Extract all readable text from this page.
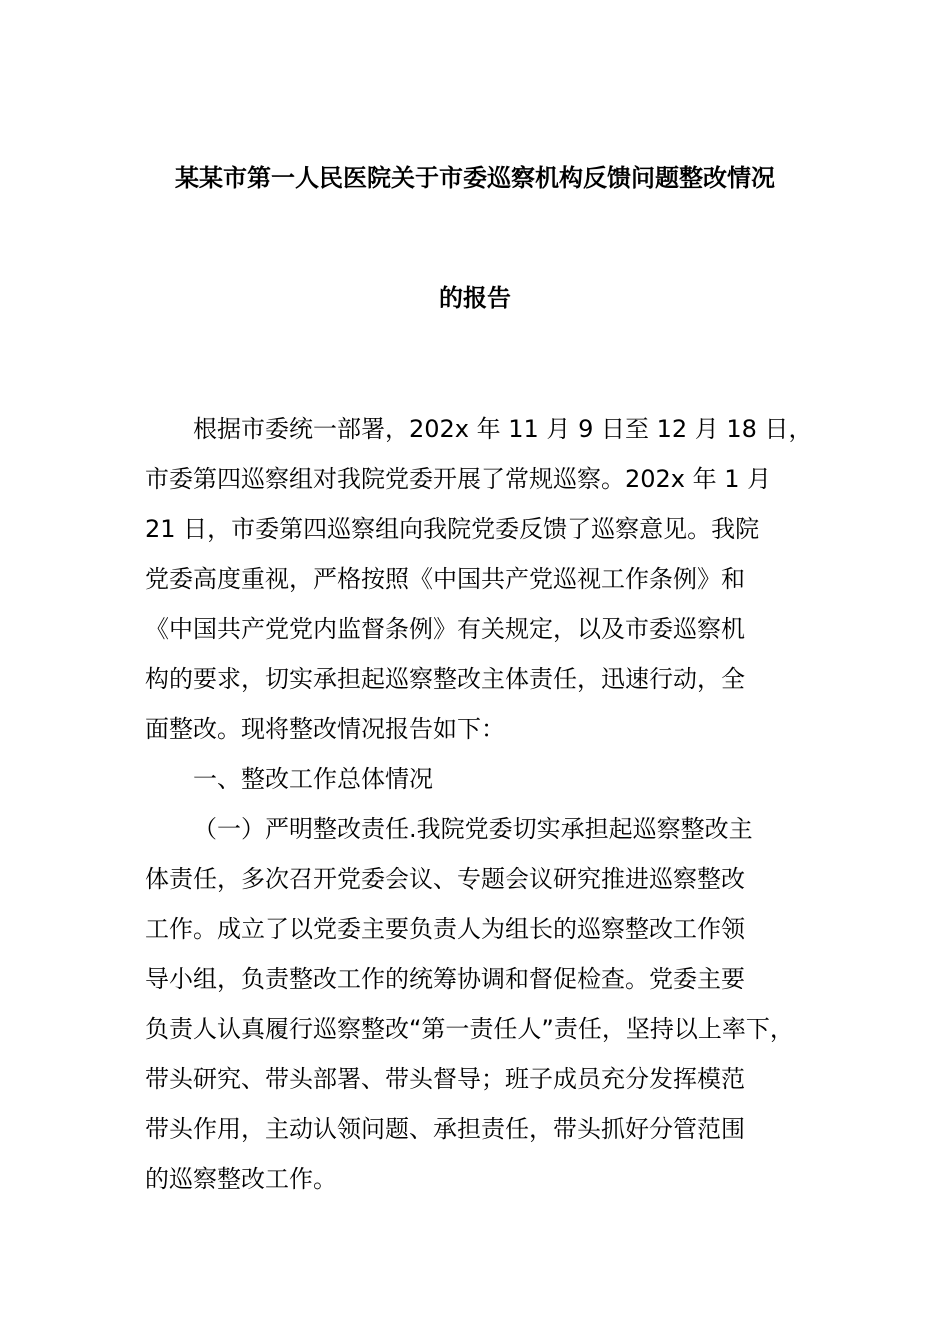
某某市第一人民医院关于市委巡察机构反馈问题整改情况
的报告
根据市委统一部署，202x 年 11 月 9 日至 12 月 18 日，
市委第四巡察组对我院党委开展了常规巡察。202x 年 1 月
21 日，市委第四巡察组向我院党委反馈了巡察意见。我院
党委高度重视，严格按照《中国共产党巡视工作条例》和
《中国共产党党内监督条例》有关规定，以及市委巡察机
构的要求，切实承担起巡察整改主体责任，迅速行动，全
面整改。现将整改情况报告如下：
一、整改工作总体情况
（一）严明整改责任.我院党委切实承担起巡察整改主
体责任，多次召开党委会议、专题会议研究推进巡察整改
工作。成立了以党委主要负责人为组长的巡察整改工作领
导小组，负责整改工作的统筹协调和督促检查。党委主要
负责人认真履行巡察整改“第一责任人”责任，坚持以上率下，
带头研究、带头部署、带头督导；班子成员充分发挥模范
带头作用，主动认领问题、承担责任，带头抓好分管范围
的巡察整改工作。
